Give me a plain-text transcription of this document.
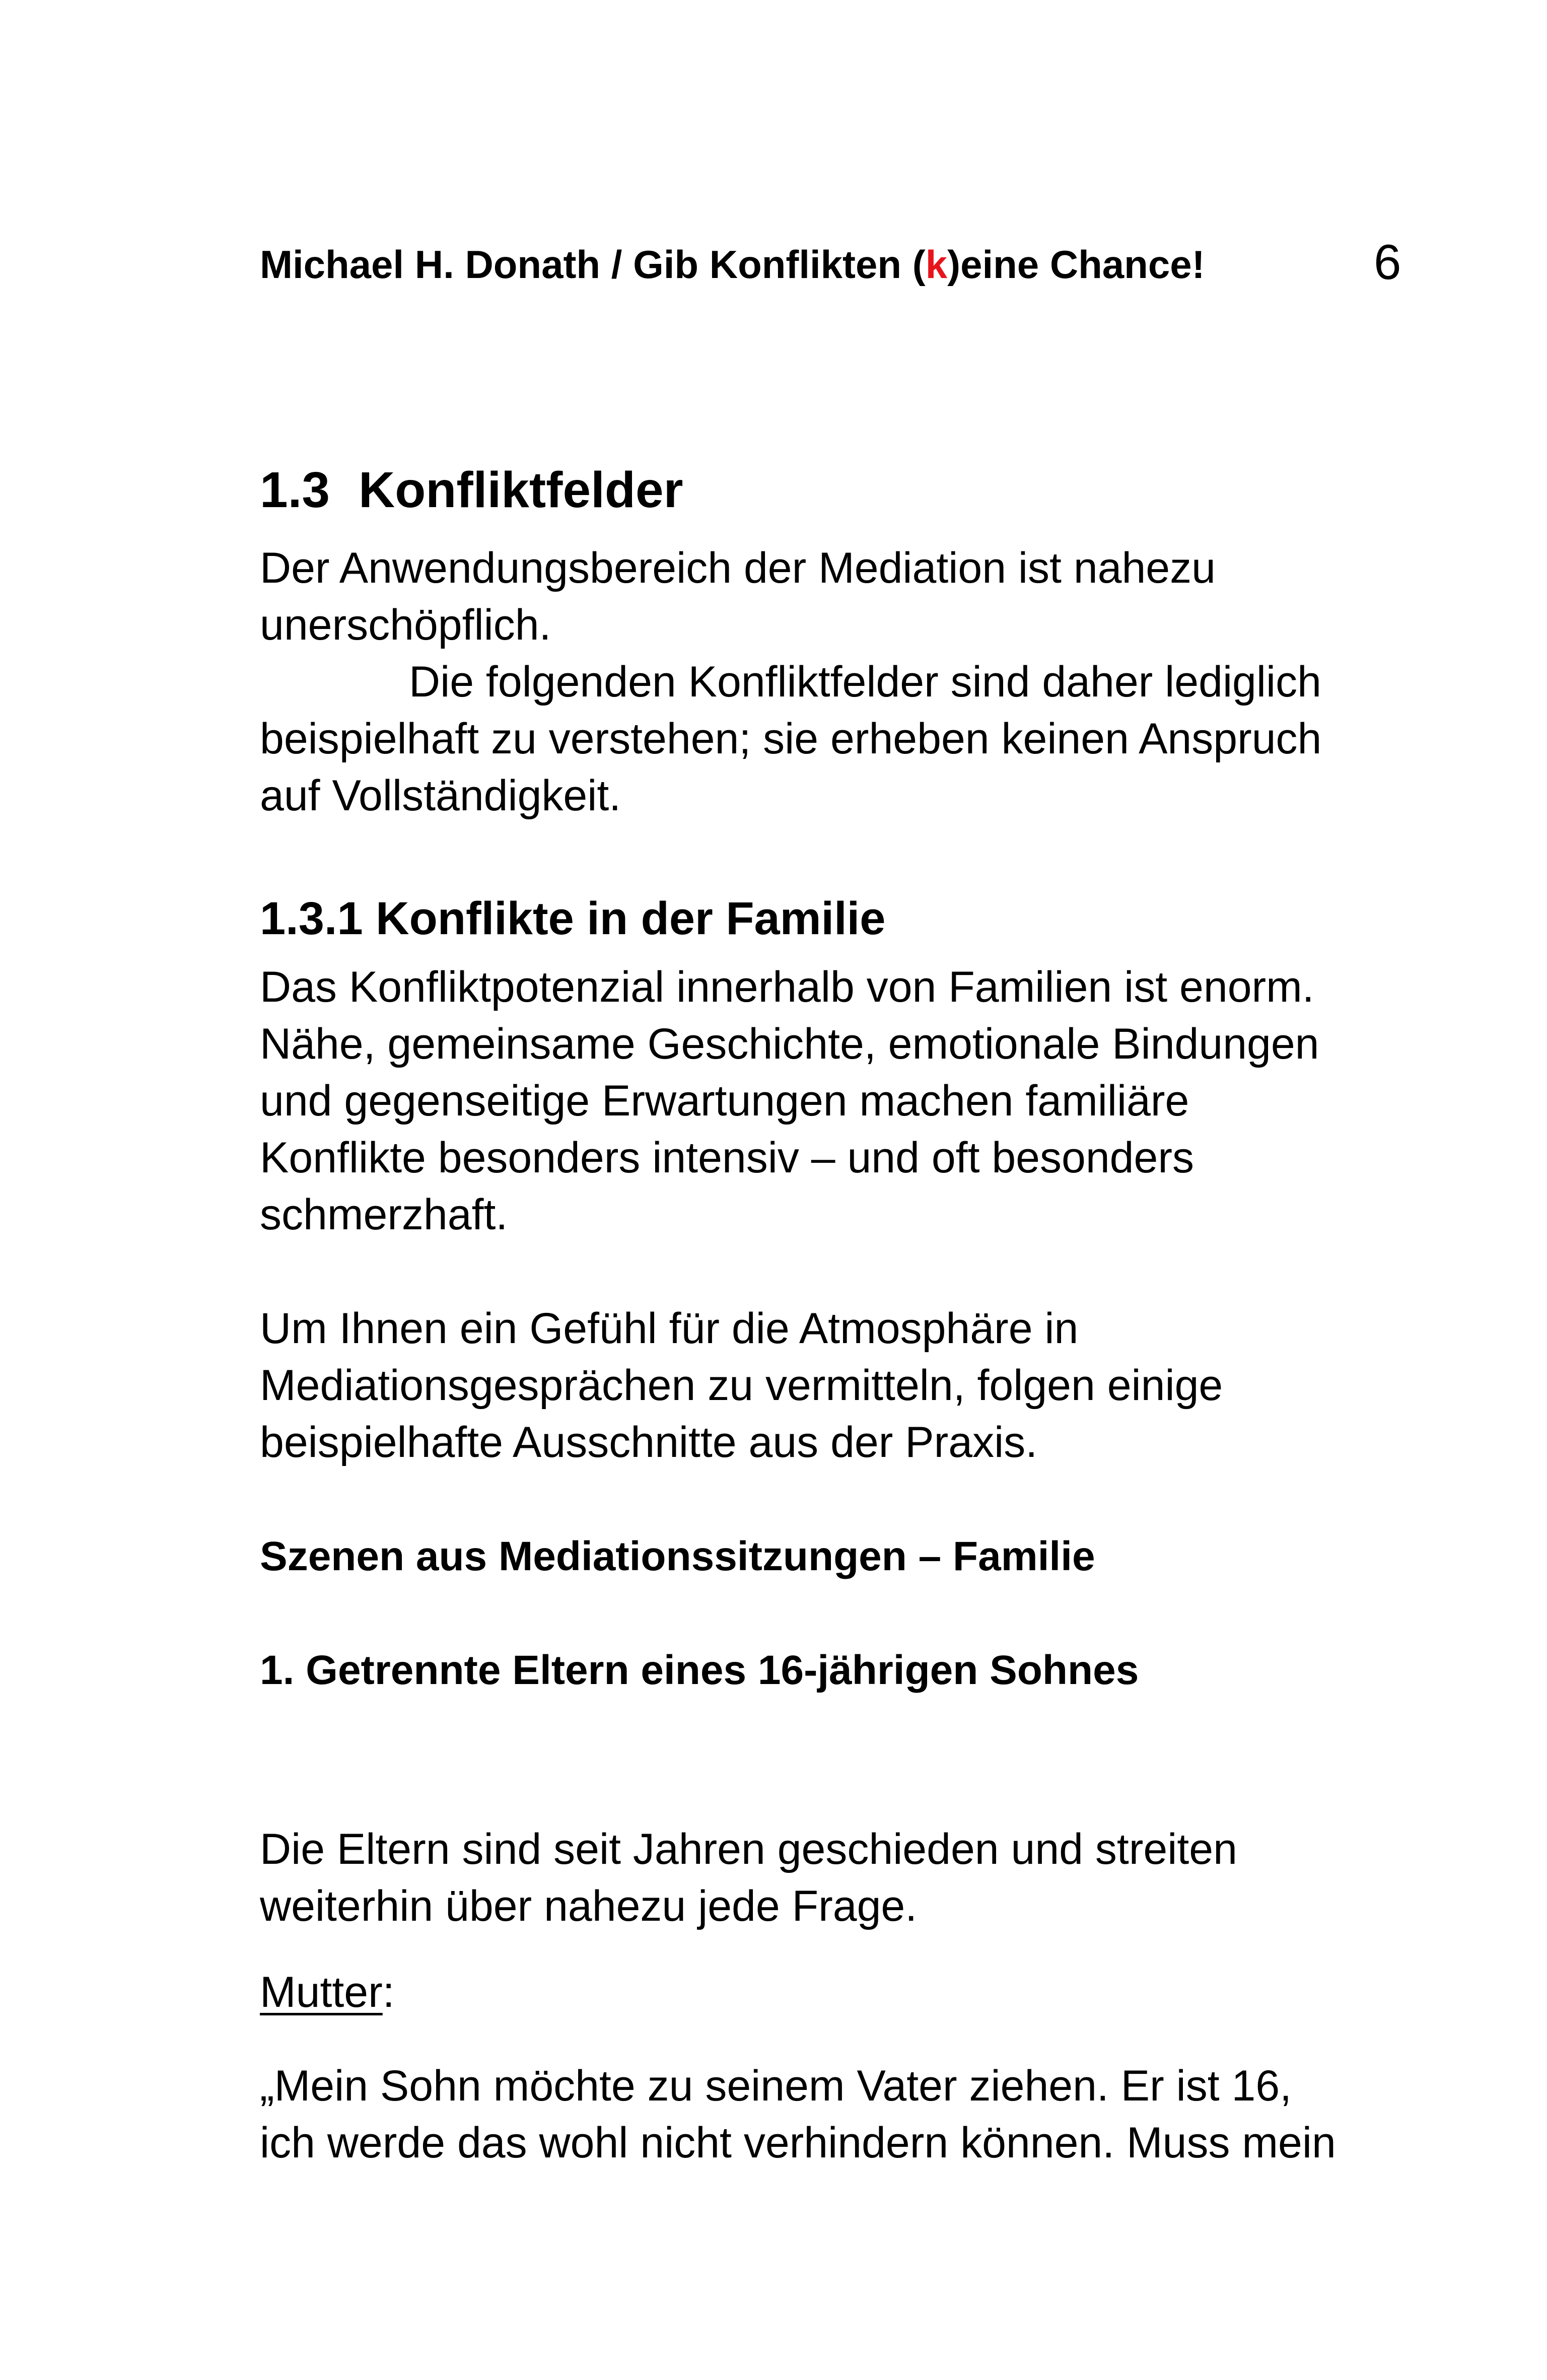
Michael H. Donath / Gib Konflikten (k)eine Chance!	6
1.3 Konfliktfelder
Der Anwendungsbereich der Mediation ist nahezu
unerschöpflich.
Die folgenden Konfliktfelder sind daher lediglich
beispielhaft zu verstehen; sie erheben keinen Anspruch
auf Vollständigkeit.
1.3.1 Konflikte in der Familie
Das Konfliktpotenzial innerhalb von Familien ist enorm.
Nähe, gemeinsame Geschichte, emotionale Bindungen
und gegenseitige Erwartungen machen familiäre
Konflikte besonders intensiv – und oft besonders
schmerzhaft.
Um Ihnen ein Gefühl für die Atmosphäre in
Mediationsgesprächen zu vermitteln, folgen einige
beispielhafte Ausschnitte aus der Praxis.
Szenen aus Mediationssitzungen – Familie
1. Getrennte Eltern eines 16-jährigen Sohnes
Die Eltern sind seit Jahren geschieden und streiten
weiterhin über nahezu jede Frage.
Mutter:
„Mein Sohn möchte zu seinem Vater ziehen. Er ist 16,
ich werde das wohl nicht verhindern können. Muss mein
